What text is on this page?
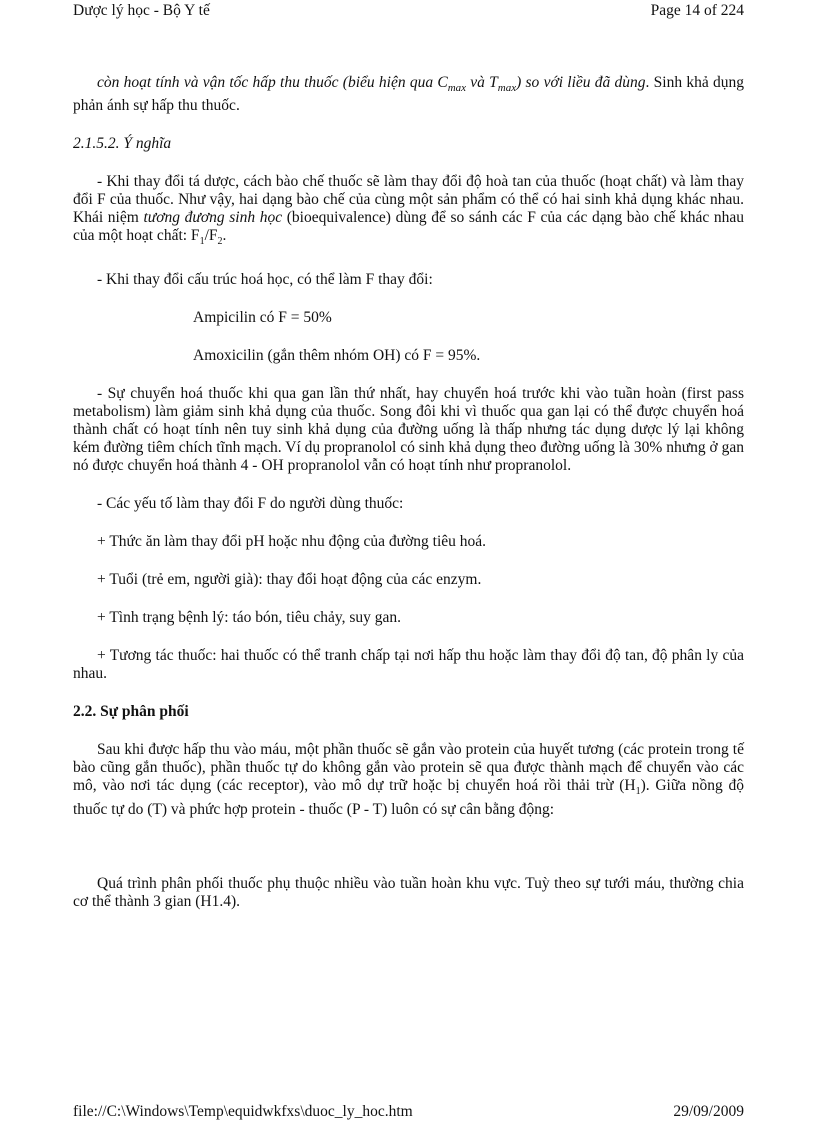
Dược lý học - Bộ Y tế	Page 14 of 224

còn hoạt tính và vận tốc hấp thu thuốc (biểu hiện qua $C_{max}$ và $T_{max}$) so với liều đã dùng. Sinh khả dụng phản ánh sự hấp thu thuốc.

2.1.5.2. Ý nghĩa

- Khi thay đổi tá dược, cách bào chế thuốc sẽ làm thay đổi độ hoà tan của thuốc (hoạt chất) và làm thay đổi F của thuốc. Như vậy, hai dạng bào chế của cùng một sản phẩm có thể có hai sinh khả dụng khác nhau. Khái niệm tương đương sinh học (bioequivalence) dùng để so sánh các F của các dạng bào chế khác nhau của một hoạt chất: $F_1/F_2$.

- Khi thay đổi cấu trúc hoá học, có thể làm F thay đổi:

Ampicilin có F = 50%

Amoxicilin (gắn thêm nhóm OH) có F = 95%.

- Sự chuyển hoá thuốc khi qua gan lần thứ nhất, hay chuyển hoá trước khi vào tuần hoàn (first pass metabolism) làm giảm sinh khả dụng của thuốc. Song đôi khi vì thuốc qua gan lại có thể được chuyển hoá thành chất có hoạt tính nên tuy sinh khả dụng của đường uống là thấp nhưng tác dụng dược lý lại không kém đường tiêm chích tĩnh mạch. Ví dụ propranolol có sinh khả dụng theo đường uống là 30% nhưng ở gan nó được chuyển hoá thành 4 - OH propranolol vẫn có hoạt tính như propranolol.

- Các yếu tố làm thay đổi F do người dùng thuốc:

+ Thức ăn làm thay đổi pH hoặc nhu động của đường tiêu hoá.

+ Tuổi (trẻ em, người già): thay đổi hoạt động của các enzym.

+ Tình trạng bệnh lý: táo bón, tiêu chảy, suy gan.

+ Tương tác thuốc: hai thuốc có thể tranh chấp tại nơi hấp thu hoặc làm thay đổi độ tan, độ phân ly của nhau.

2.2. Sự phân phối

Sau khi được hấp thu vào máu, một phần thuốc sẽ gắn vào protein của huyết tương (các protein trong tế bào cũng gắn thuốc), phần thuốc tự do không gắn vào protein sẽ qua được thành mạch để chuyển vào các mô, vào nơi tác dụng (các receptor), vào mô dự trữ hoặc bị chuyển hoá rồi thải trừ $(H_1)$. Giữa nồng độ thuốc tự do (T) và phức hợp protein - thuốc (P - T) luôn có sự cân bằng động:

Quá trình phân phối thuốc phụ thuộc nhiều vào tuần hoàn khu vực. Tuỳ theo sự tưới máu, thường chia cơ thể thành 3 gian (H1.4).

file://C:\Windows\Temp\equidwkfxs\duoc_ly_hoc.htm	29/09/2009
